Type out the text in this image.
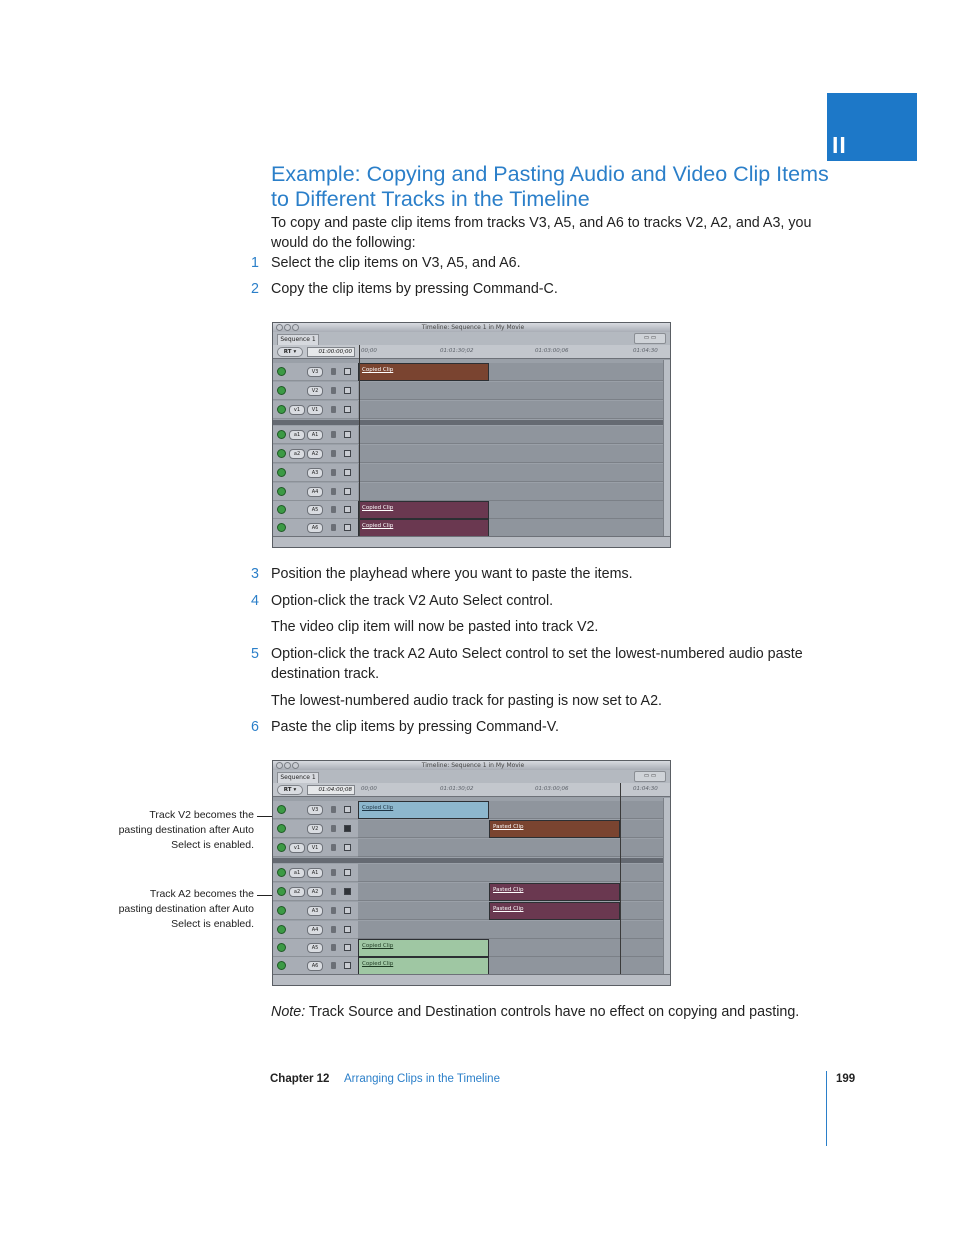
II
Example: Copying and Pasting Audio and Video Clip Items to Different Tracks in the Timeline
To copy and paste clip items from tracks V3, A5, and A6 to tracks V2, A2, and A3, you would do the following:
1 Select the clip items on V3, A5, and A6.
2 Copy the clip items by pressing Command-C.
Timeline: Sequence 1 in My Movie
Sequence 1	▭ ▭
RT ▾	01:00:00;00	00;00	01:01:30;02	01:03:00;06	01:04:30
V3
V2
v1	V1
a1	A1
a2	A2
A3
A4
A5
A6
Copied Clip
Copied Clip
Copied Clip
3 Position the playhead where you want to paste the items.
4 Option-click the track V2 Auto Select control.
The video clip item will now be pasted into track V2.
5 Option-click the track A2 Auto Select control to set the lowest-numbered audio paste destination track.
The lowest-numbered audio track for pasting is now set to A2.
6 Paste the clip items by pressing Command-V.
Track V2 becomes the pasting destination after Auto Select is enabled.
Track A2 becomes the pasting destination after Auto Select is enabled.
Timeline: Sequence 1 in My Movie
Sequence 1	▭ ▭
RT ▾	01:04:00;08	00;00	01:01:30;02	01:03:00;06	01:04:30
V3
V2
v1	V1
a1	A1
a2	A2
A3
A4
A5
A6
Copied Clip
Pasted Clip
Pasted Clip
Pasted Clip
Copied Clip
Copied Clip
Note: Track Source and Destination controls have no effect on copying and pasting.
Chapter 12 Arranging Clips in the Timeline	199
